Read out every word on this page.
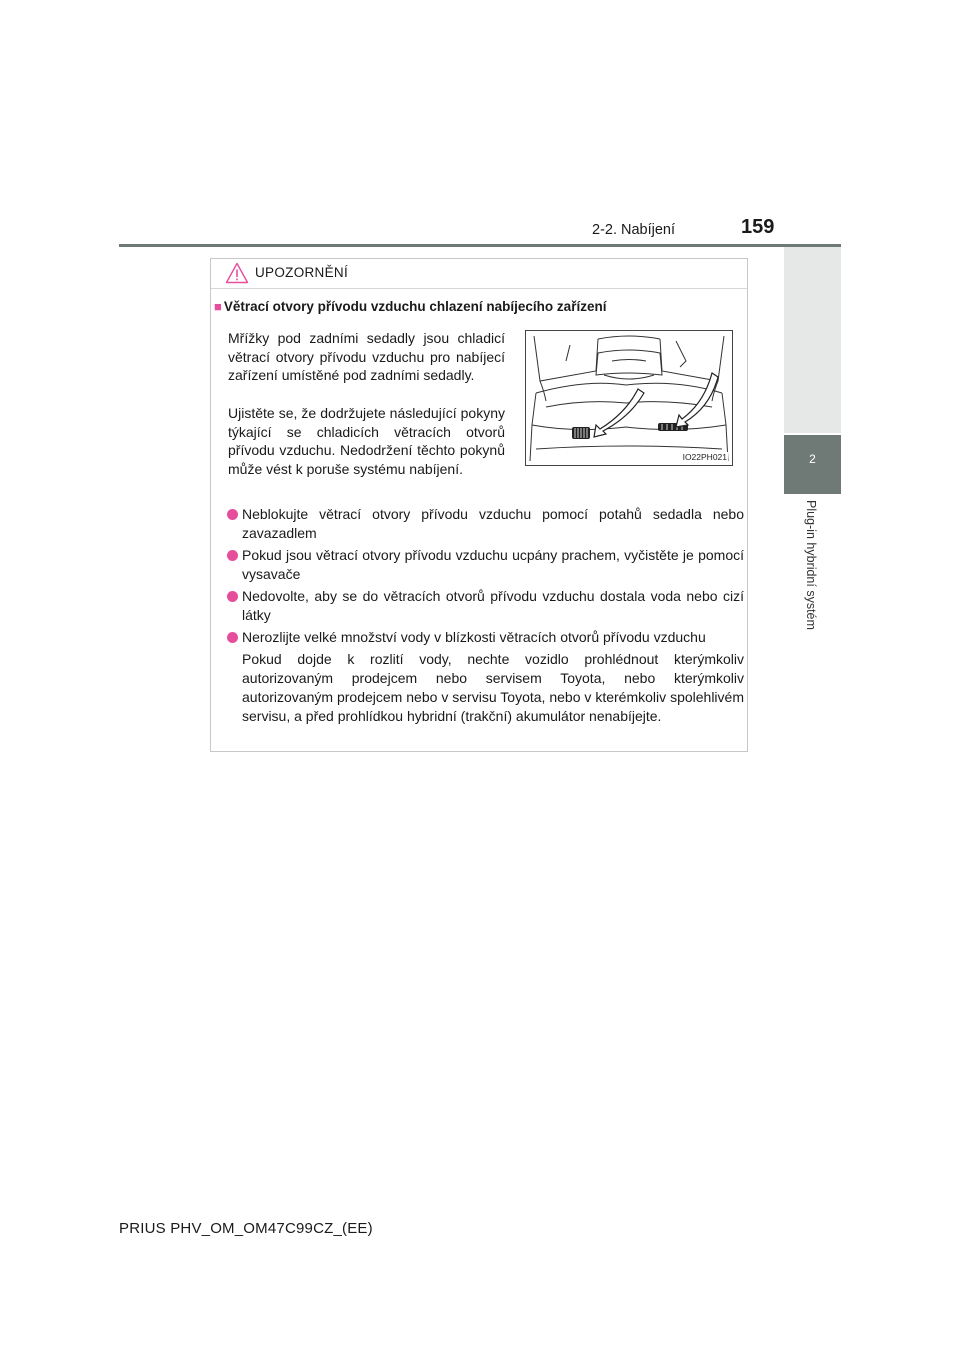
2-2. Nabíjení	159
2
Plug-in hybridní systém
UPOZORNĚNÍ
■ Větrací otvory přívodu vzduchu chlazení nabíjecího zařízení
Mřížky pod zadními sedadly jsou chladicí větrací otvory přívodu vzduchu pro nabíjecí zařízení umístěné pod zadními sedadly.
Ujistěte se, že dodržujete následující pokyny týkající se chladicích větracích otvorů přívodu vzduchu. Nedodržení těchto pokynů může vést k poruše systému nabíjení.
IO22PH021
Neblokujte větrací otvory přívodu vzduchu pomocí potahů sedadla nebo zavazadlem
Pokud jsou větrací otvory přívodu vzduchu ucpány prachem, vyčistěte je pomocí vysavače
Nedovolte, aby se do větracích otvorů přívodu vzduchu dostala voda nebo cizí látky
Nerozlijte velké množství vody v blízkosti větracích otvorů přívodu vzduchu
Pokud dojde k rozlití vody, nechte vozidlo prohlédnout kterýmkoliv autorizovaným prodejcem nebo servisem Toyota, nebo kterýmkoliv autorizovaným prodejcem nebo v servisu Toyota, nebo v kterémkoliv spolehlivém servisu, a před prohlídkou hybridní (trakční) akumulátor nenabíjejte.
PRIUS PHV_OM_OM47C99CZ_(EE)
